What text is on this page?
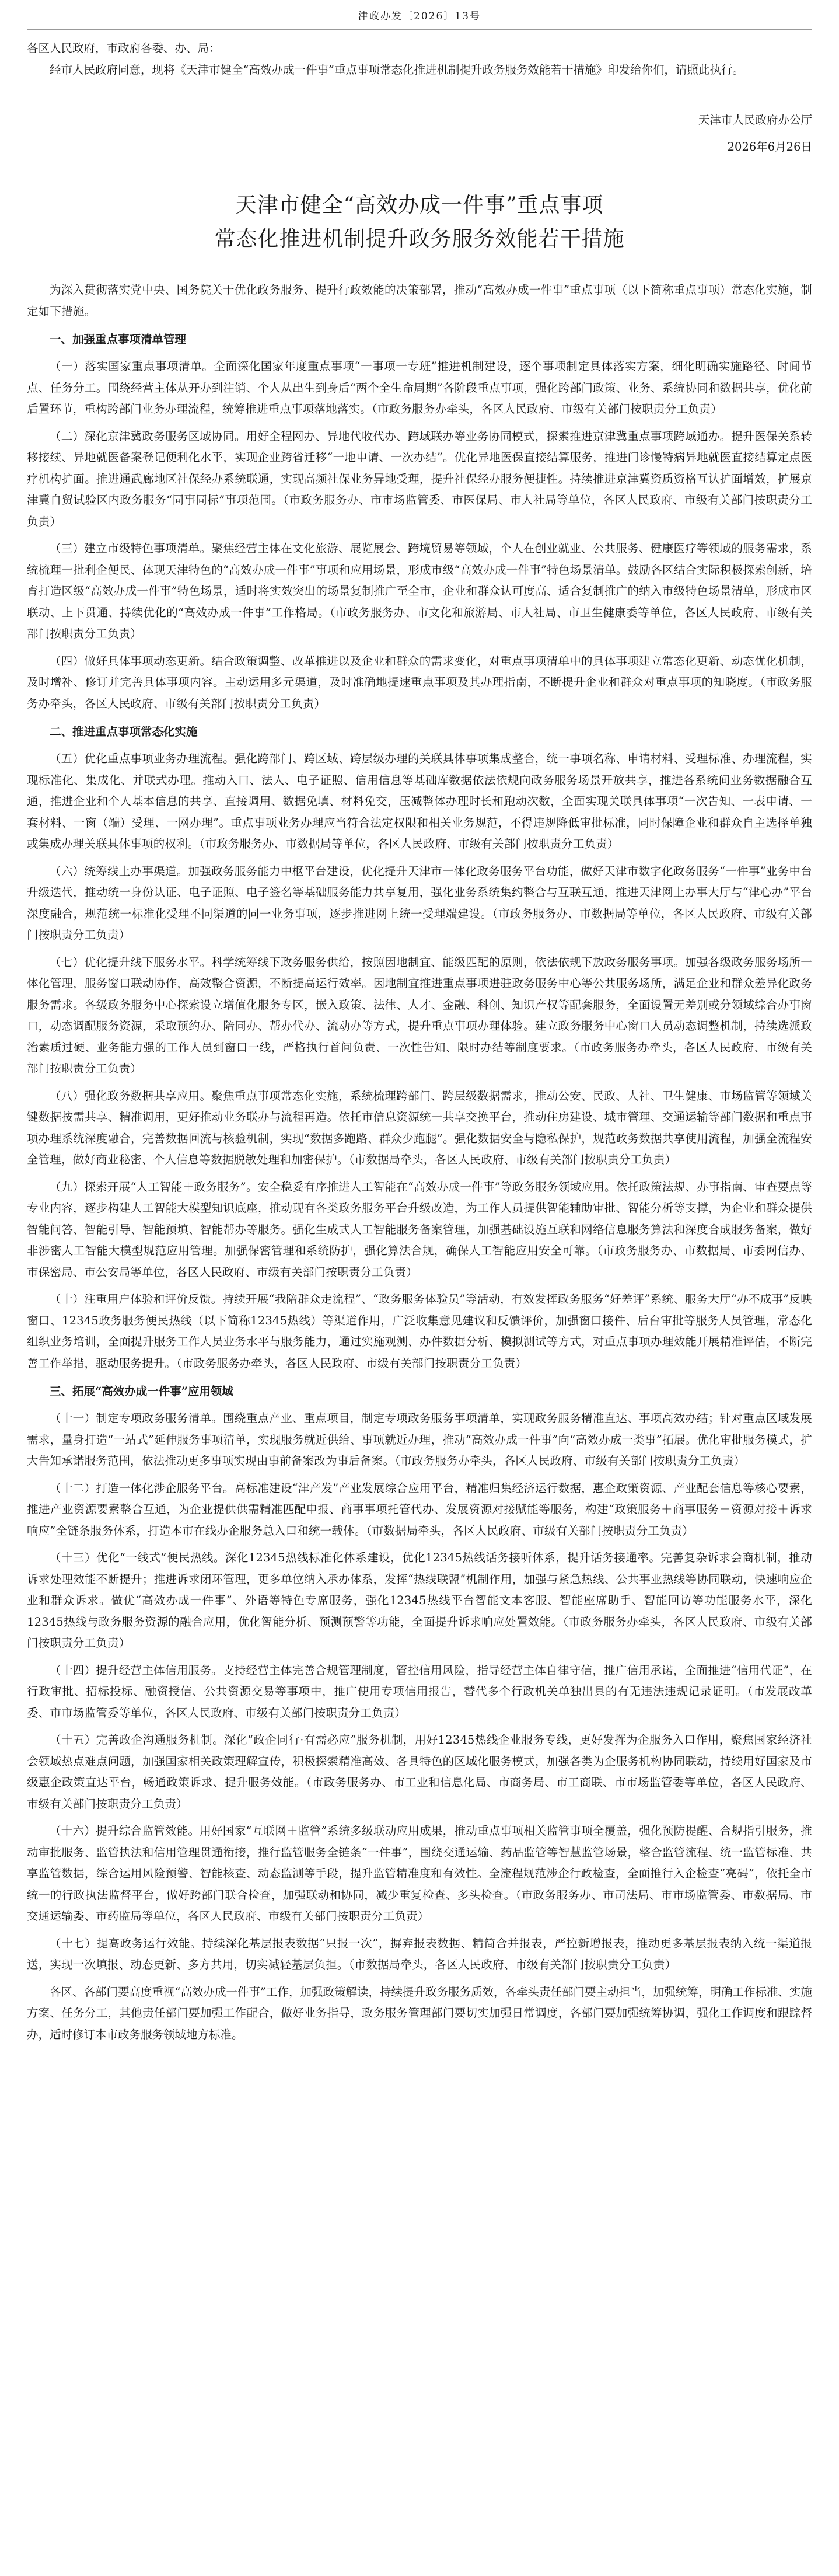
津政办发〔2026〕13号

各区人民政府，市政府各委、办、局：

经市人民政府同意，现将《天津市健全“高效办成一件事”重点事项常态化推进机制提升政务服务效能若干措施》印发给你们，请照此执行。

天津市人民政府办公厅
2026年6月26日
天津市健全“高效办成一件事”重点事项
常态化推进机制提升政务服务效能若干措施

为深入贯彻落实党中央、国务院关于优化政务服务、提升行政效能的决策部署，推动“高效办成一件事”重点事项（以下简称重点事项）常态化实施，制定如下措施。

一、加强重点事项清单管理

（一）落实国家重点事项清单。全面深化国家年度重点事项“一事项一专班”推进机制建设，逐个事项制定具体落实方案，细化明确实施路径、时间节点、任务分工。围绕经营主体从开办到注销、个人从出生到身后“两个全生命周期”各阶段重点事项，强化跨部门政策、业务、系统协同和数据共享，优化前后置环节，重构跨部门业务办理流程，统筹推进重点事项落地落实。（市政务服务办牵头，各区人民政府、市级有关部门按职责分工负责）

（二）深化京津冀政务服务区域协同。用好全程网办、异地代收代办、跨域联办等业务协同模式，探索推进京津冀重点事项跨域通办。提升医保关系转移接续、异地就医备案登记便利化水平，实现企业跨省迁移“一地申请、一次办结”。优化异地医保直接结算服务，推进门诊慢特病异地就医直接结算定点医疗机构扩面。推进通武廊地区社保经办系统联通，实现高频社保业务异地受理，提升社保经办服务便捷性。持续推进京津冀资质资格互认扩面增效，扩展京津冀自贸试验区内政务服务“同事同标”事项范围。（市政务服务办、市市场监管委、市医保局、市人社局等单位，各区人民政府、市级有关部门按职责分工负责）

（三）建立市级特色事项清单。聚焦经营主体在文化旅游、展览展会、跨境贸易等领域，个人在创业就业、公共服务、健康医疗等领域的服务需求，系统梳理一批利企便民、体现天津特色的“高效办成一件事”事项和应用场景，形成市级“高效办成一件事”特色场景清单。鼓励各区结合实际积极探索创新，培育打造区级“高效办成一件事”特色场景，适时将实效突出的场景复制推广至全市，企业和群众认可度高、适合复制推广的纳入市级特色场景清单，形成市区联动、上下贯通、持续优化的“高效办成一件事”工作格局。（市政务服务办、市文化和旅游局、市人社局、市卫生健康委等单位，各区人民政府、市级有关部门按职责分工负责）

（四）做好具体事项动态更新。结合政策调整、改革推进以及企业和群众的需求变化，对重点事项清单中的具体事项建立常态化更新、动态优化机制，及时增补、修订并完善具体事项内容。主动运用多元渠道，及时准确地提速重点事项及其办理指南，不断提升企业和群众对重点事项的知晓度。（市政务服务办牵头，各区人民政府、市级有关部门按职责分工负责）

二、推进重点事项常态化实施

（五）优化重点事项业务办理流程。强化跨部门、跨区域、跨层级办理的关联具体事项集成整合，统一事项名称、申请材料、受理标准、办理流程，实现标准化、集成化、并联式办理。推动入口、法人、电子证照、信用信息等基础库数据依法依规向政务服务场景开放共享，推进各系统间业务数据融合互通，推进企业和个人基本信息的共享、直接调用、数据免填、材料免交，压减整体办理时长和跑动次数，全面实现关联具体事项“一次告知、一表申请、一套材料、一窗（端）受理、一网办理”。重点事项业务办理应当符合法定权限和相关业务规范，不得违规降低审批标准，同时保障企业和群众自主选择单独或集成办理关联具体事项的权利。（市政务服务办、市数据局等单位，各区人民政府、市级有关部门按职责分工负责）

（六）统筹线上办事渠道。加强政务服务能力中枢平台建设，优化提升天津市一体化政务服务平台功能，做好天津市数字化政务服务“一件事”业务中台升级迭代，推动统一身份认证、电子证照、电子签名等基础服务能力共享复用，强化业务系统集约整合与互联互通，推进天津网上办事大厅与“津心办”平台深度融合，规范统一标准化受理不同渠道的同一业务事项，逐步推进网上统一受理端建设。（市政务服务办、市数据局等单位，各区人民政府、市级有关部门按职责分工负责）

（七）优化提升线下服务水平。科学统筹线下政务服务供给，按照因地制宜、能级匹配的原则，依法依规下放政务服务事项。加强各级政务服务场所一体化管理，服务窗口联动协作，高效整合资源，不断提高运行效率。因地制宜推进重点事项进驻政务服务中心等公共服务场所，满足企业和群众差异化政务服务需求。各级政务服务中心探索设立增值化服务专区，嵌入政策、法律、人才、金融、科创、知识产权等配套服务，全面设置无差别或分领域综合办事窗口，动态调配服务资源，采取预约办、陪同办、帮办代办、流动办等方式，提升重点事项办理体验。建立政务服务中心窗口人员动态调整机制，持续选派政治素质过硬、业务能力强的工作人员到窗口一线，严格执行首问负责、一次性告知、限时办结等制度要求。（市政务服务办牵头，各区人民政府、市级有关部门按职责分工负责）

（八）强化政务数据共享应用。聚焦重点事项常态化实施，系统梳理跨部门、跨层级数据需求，推动公安、民政、人社、卫生健康、市场监管等领域关键数据按需共享、精准调用，更好推动业务联办与流程再造。依托市信息资源统一共享交换平台，推动住房建设、城市管理、交通运输等部门数据和重点事项办理系统深度融合，完善数据回流与核验机制，实现“数据多跑路、群众少跑腿”。强化数据安全与隐私保护，规范政务数据共享使用流程，加强全流程安全管理，做好商业秘密、个人信息等数据脱敏处理和加密保护。（市数据局牵头，各区人民政府、市级有关部门按职责分工负责）

（九）探索开展“人工智能＋政务服务”。安全稳妥有序推进人工智能在“高效办成一件事”等政务服务领域应用。依托政策法规、办事指南、审查要点等专业内容，逐步构建人工智能大模型知识底座，推动现有各类政务服务平台升级改造，为工作人员提供智能辅助审批、智能分析等支撑，为企业和群众提供智能问答、智能引导、智能预填、智能帮办等服务。强化生成式人工智能服务备案管理，加强基础设施互联和网络信息服务算法和深度合成服务备案，做好非涉密人工智能大模型规范应用管理。加强保密管理和系统防护，强化算法合规，确保人工智能应用安全可靠。（市政务服务办、市数据局、市委网信办、市保密局、市公安局等单位，各区人民政府、市级有关部门按职责分工负责）

（十）注重用户体验和评价反馈。持续开展“我陪群众走流程”、“政务服务体验员”等活动，有效发挥政务服务“好差评”系统、服务大厅“办不成事”反映窗口、12345政务服务便民热线（以下简称12345热线）等渠道作用，广泛收集意见建议和反馈评价，加强窗口接件、后台审批等服务人员管理，常态化组织业务培训，全面提升服务工作人员业务水平与服务能力，通过实施观测、办件数据分析、模拟测试等方式，对重点事项办理效能开展精准评估，不断完善工作举措，驱动服务提升。（市政务服务办牵头，各区人民政府、市级有关部门按职责分工负责）

三、拓展“高效办成一件事”应用领域

（十一）制定专项政务服务清单。围绕重点产业、重点项目，制定专项政务服务事项清单，实现政务服务精准直达、事项高效办结；针对重点区域发展需求，量身打造“一站式”延伸服务事项清单，实现服务就近供给、事项就近办理，推动“高效办成一件事”向“高效办成一类事”拓展。优化审批服务模式，扩大告知承诺服务范围，依法推动更多事项实现由事前备案改为事后备案。（市政务服务办牵头，各区人民政府、市级有关部门按职责分工负责）

（十二）打造一体化涉企服务平台。高标准建设“津产发”产业发展综合应用平台，精准归集经济运行数据，惠企政策资源、产业配套信息等核心要素，推进产业资源要素整合互通，为企业提供供需精准匹配申报、商事事项托管代办、发展资源对接赋能等服务，构建“政策服务＋商事服务＋资源对接＋诉求响应”全链条服务体系，打造本市在线办企服务总入口和统一载体。（市数据局牵头，各区人民政府、市级有关部门按职责分工负责）

（十三）优化“一线式”便民热线。深化12345热线标准化体系建设，优化12345热线话务接听体系，提升话务接通率。完善复杂诉求会商机制，推动诉求处理效能不断提升；推进诉求闭环管理，更多单位纳入承办体系，发挥“热线联盟”机制作用，加强与紧急热线、公共事业热线等协同联动，快速响应企业和群众诉求。做优“高效办成一件事”、外语等特色专席服务，强化12345热线平台智能文本客服、智能座席助手、智能回访等功能服务水平，深化12345热线与政务服务资源的融合应用，优化智能分析、预测预警等功能，全面提升诉求响应处置效能。（市政务服务办牵头，各区人民政府、市级有关部门按职责分工负责）

（十四）提升经营主体信用服务。支持经营主体完善合规管理制度，管控信用风险，指导经营主体自律守信，推广信用承诺，全面推进“信用代证”，在行政审批、招标投标、融资授信、公共资源交易等事项中，推广使用专项信用报告，替代多个行政机关单独出具的有无违法违规记录证明。（市发展改革委、市市场监管委等单位，各区人民政府、市级有关部门按职责分工负责）

（十五）完善政企沟通服务机制。深化“政企同行·有需必应”服务机制，用好12345热线企业服务专线，更好发挥为企服务入口作用，聚焦国家经济社会领域热点难点问题，加强国家相关政策理解宣传，积极探索精准高效、各具特色的区域化服务模式，加强各类为企服务机构协同联动，持续用好国家及市级惠企政策直达平台，畅通政策诉求、提升服务效能。（市政务服务办、市工业和信息化局、市商务局、市工商联、市市场监管委等单位，各区人民政府、市级有关部门按职责分工负责）

（十六）提升综合监管效能。用好国家“互联网＋监管”系统多级联动应用成果，推动重点事项相关监管事项全覆盖，强化预防提醒、合规指引服务，推动审批服务、监管执法和信用管理贯通衔接，推行监管服务全链条“一件事”，围绕交通运输、药品监管等智慧监管场景，整合监管流程、统一监管标准、共享监管数据，综合运用风险预警、智能核查、动态监测等手段，提升监管精准度和有效性。全流程规范涉企行政检查，全面推行入企检查“亮码”，依托全市统一的行政执法监督平台，做好跨部门联合检查，加强联动和协同，减少重复检查、多头检查。（市政务服务办、市司法局、市市场监管委、市数据局、市交通运输委、市药监局等单位，各区人民政府、市级有关部门按职责分工负责）

（十七）提高政务运行效能。持续深化基层报表数据“只报一次”，摒弃报表数据、精简合并报表，严控新增报表，推动更多基层报表纳入统一渠道报送，实现一次填报、动态更新、多方共用，切实减轻基层负担。（市数据局牵头，各区人民政府、市级有关部门按职责分工负责）

各区、各部门要高度重视“高效办成一件事”工作，加强政策解读，持续提升政务服务质效，各牵头责任部门要主动担当，加强统筹，明确工作标准、实施方案、任务分工，其他责任部门要加强工作配合，做好业务指导，政务服务管理部门要切实加强日常调度，各部门要加强统筹协调，强化工作调度和跟踪督办，适时修订本市政务服务领域地方标准。
